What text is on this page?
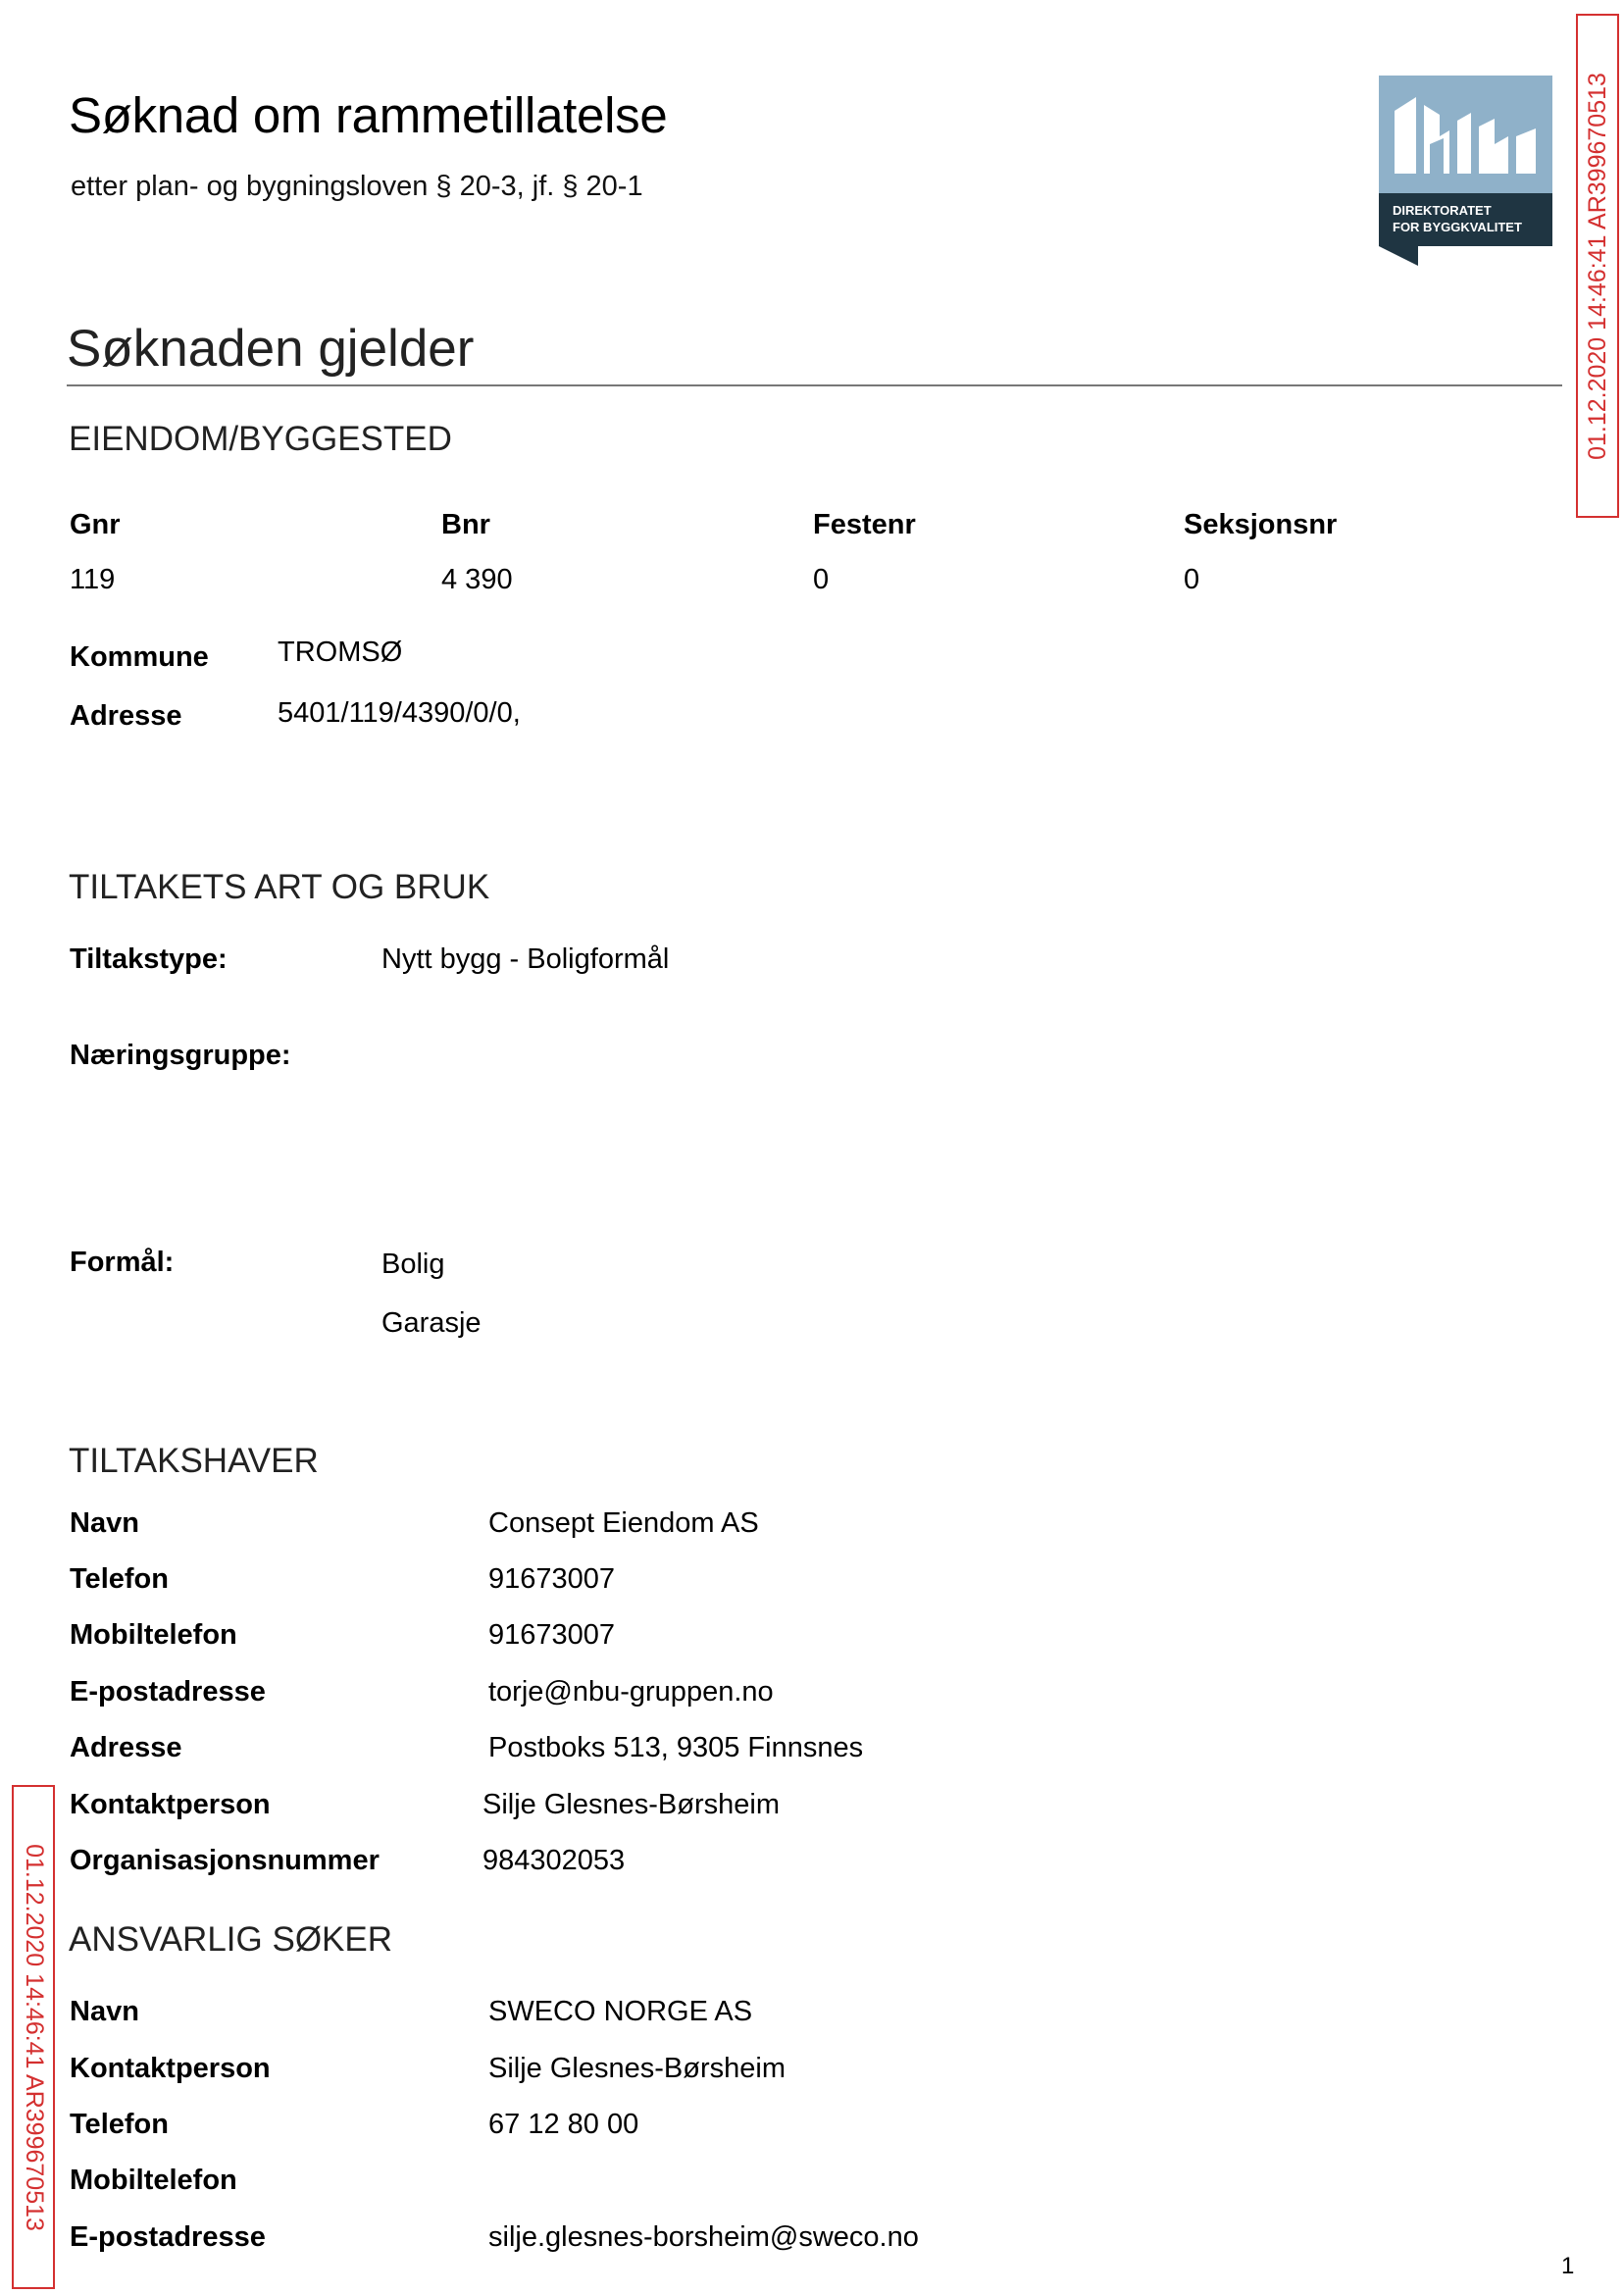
Søknad om rammetillatelse
etter plan- og bygningsloven § 20-3, jf. § 20-1
DIREKTORATET
FOR BYGGKVALITET	01.12.2020 14:46:41 AR399670513
01.12.2020 14:46:41 AR399670513
Søknaden gjelder
EIENDOM/BYGGESTED
Gnr	Bnr	Festenr	Seksjonsnr
119	4 390	0	0
Kommune TROMSØ
Adresse	5401/119/4390/0/0,
TILTAKETS ART OG BRUK
Tiltakstype:	Nytt bygg - Boligformål
Næringsgruppe:
Formål:	Bolig
Garasje
TILTAKSHAVER
Navn	Consept Eiendom AS
Telefon	91673007
Mobiltelefon	91673007
E-postadresse	torje@nbu-gruppen.no
Adresse	Postboks 513, 9305 Finnsnes
Kontaktperson	Silje Glesnes-Børsheim
Organisasjonsnummer	984302053
ANSVARLIG SØKER
Navn	SWECO NORGE AS
Kontaktperson	Silje Glesnes-Børsheim
Telefon	67 12 80 00
Mobiltelefon
E-postadresse	silje.glesnes-borsheim@sweco.no
1
